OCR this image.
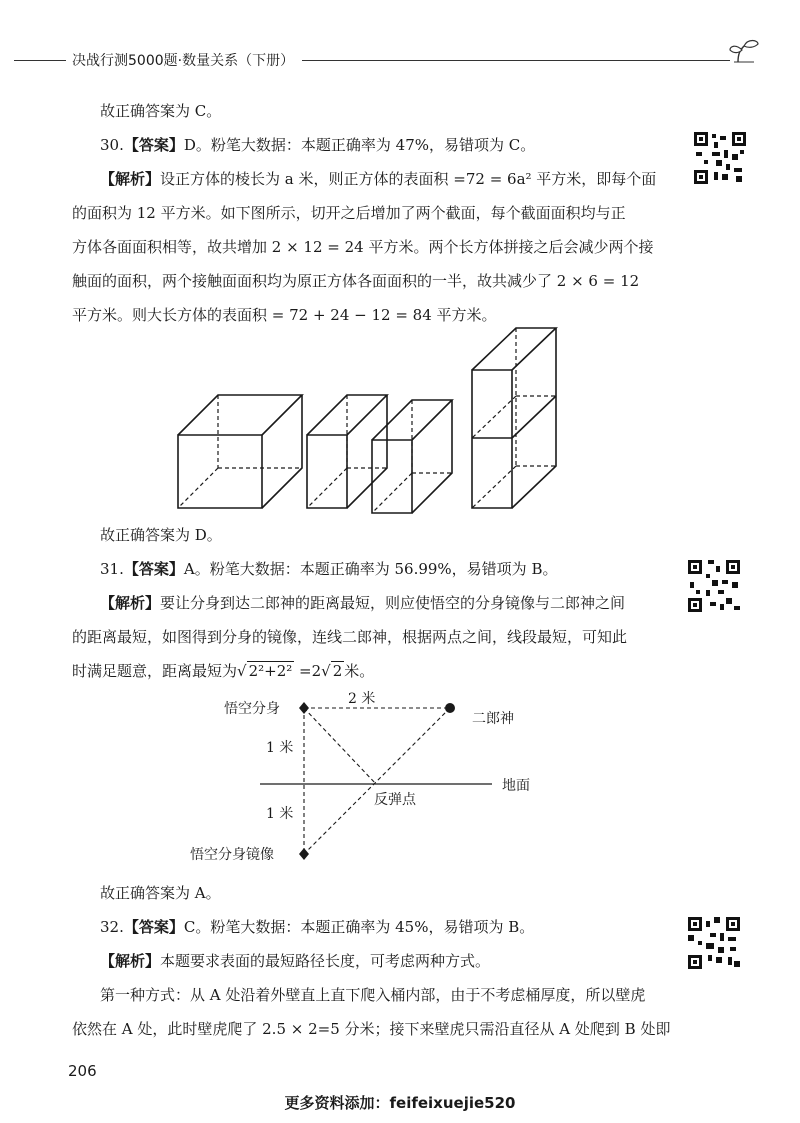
决战行测5000题·数量关系（下册）

故正确答案为 C。

30.【答案】D。粉笔大数据：本题正确率为 47%，易错项为 C。

【解析】设正方体的棱长为 a 米，则正方体的表面积 =72 = 6a² 平方米，即每个面
的面积为 12 平方米。如下图所示，切开之后增加了两个截面，每个截面面积均与正
方体各面面积相等，故共增加 2 × 12 = 24 平方米。两个长方体拼接之后会减少两个接
触面的面积，两个接触面面积均为原正方体各面面积的一半，故共减少了 2 × 6 = 12
平方米。则大长方体的表面积 = 72 + 24 − 12 = 84 平方米。

故正确答案为 D。

31.【答案】A。粉笔大数据：本题正确率为 56.99%，易错项为 B。

【解析】要让分身到达二郎神的距离最短，则应使悟空的分身镜像与二郎神之间
的距离最短，如图得到分身的镜像，连线二郎神，根据两点之间，线段最短，可知此
时满足题意，距离最短为√ 2²+2² =2√ 2 米。
悟空分身
二郎神
2 米
1 米
1 米
地面
反弹点
悟空分身镜像

故正确答案为 A。

32.【答案】C。粉笔大数据：本题正确率为 45%，易错项为 B。

【解析】本题要求表面的最短路径长度，可考虑两种方式。
第一种方式：从 A 处沿着外壁直上直下爬入桶内部，由于不考虑桶厚度，所以壁虎
依然在 A 处，此时壁虎爬了 2.5 × 2=5 分米；接下来壁虎只需沿直径从 A 处爬到 B 处即
206
更多资料添加：feifeixuejie520
